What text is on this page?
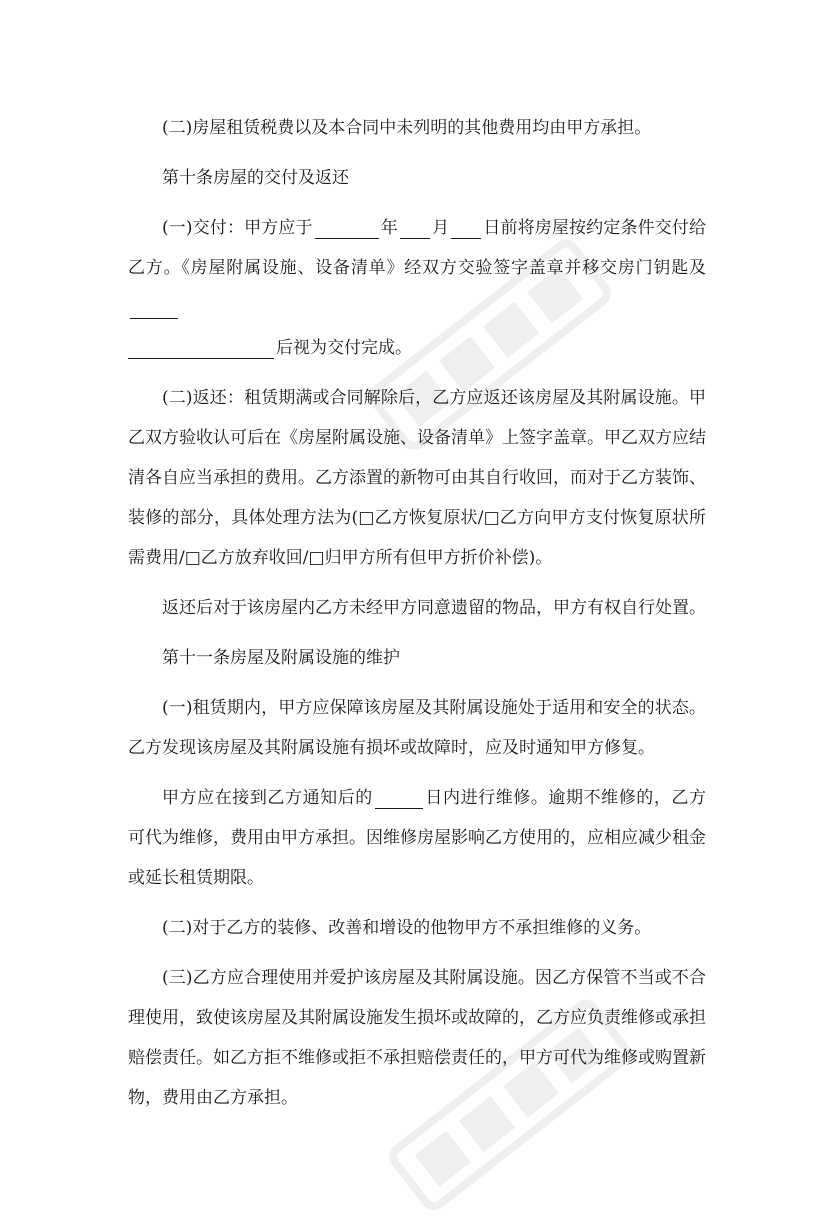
(二)房屋租赁税费以及本合同中未列明的其他费用均由甲方承担。

第十条房屋的交付及返还

(一)交付：甲方应于	年 月 日前将房屋按约定条件交付给乙方。《房屋附属设施、设备清单》经双方交验签字盖章并移交房门钥匙及
后视为交付完成。

(二)返还：租赁期满或合同解除后，乙方应返还该房屋及其附属设施。甲乙双方验收认可后在《房屋附属设施、设备清单》上签字盖章。甲乙双方应结清各自应当承担的费用。乙方添置的新物可由其自行收回，而对于乙方装饰、装修的部分，具体处理方法为(□乙方恢复原状/□乙方向甲方支付恢复原状所需费用/□乙方放弃收回/□归甲方所有但甲方折价补偿)。

返还后对于该房屋内乙方未经甲方同意遗留的物品，甲方有权自行处置。

第十一条房屋及附属设施的维护

(一)租赁期内，甲方应保障该房屋及其附属设施处于适用和安全的状态。乙方发现该房屋及其附属设施有损坏或故障时，应及时通知甲方修复。

甲方应在接到乙方通知后的	日内进行维修。逾期不维修的，乙方可代为维修，费用由甲方承担。因维修房屋影响乙方使用的，应相应减少租金或延长租赁期限。

(二)对于乙方的装修、改善和增设的他物甲方不承担维修的义务。

(三)乙方应合理使用并爱护该房屋及其附属设施。因乙方保管不当或不合理使用，致使该房屋及其附属设施发生损坏或故障的，乙方应负责维修或承担赔偿责任。如乙方拒不维修或拒不承担赔偿责任的，甲方可代为维修或购置新物，费用由乙方承担。
